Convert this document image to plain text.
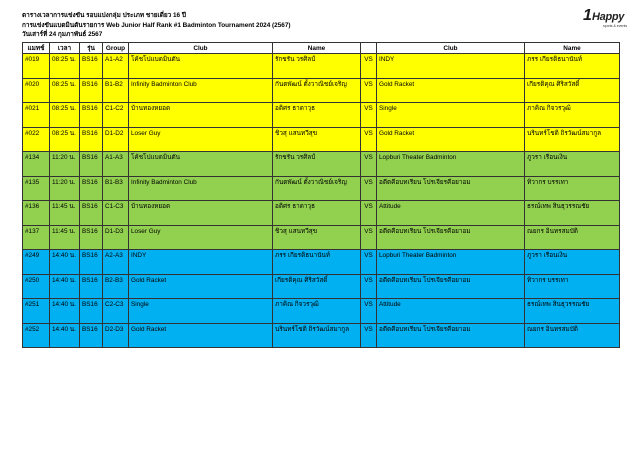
ตารางเวลาการแข่งขัน รอบแบ่งกลุ่ม ประเภท ชายเดี่ยว 16 ปี
การแข่งขันแบดมินตันรายการ Web Junior Half Rank #1 Badminton Tournament 2024 (2567)
วันเสาร์ที่ 24 กุมภาพันธ์ 2567
1 Happy
sports & events
แมทช์	เวลา	รุ่น	Group	Club	Name		Club	Name
#019	08:25 น.	BS16	A1-A2	โค้ชโปแบดมินตัน	รักชรัน วรศิลป์	VS	INDY	ภรร เกียรติธนานันท์
#020	08:25 น.	BS16	B1-B2	Infinity Badminton Club	กันตพัฒน์ ตั้งวาณิชย์เจริญ	VS	Gold Racket	เกียรติคุณ ศิริสวัสดิ์
#021	08:25 น.	BS16	C1-C2	บ้านทองหยอด	อติศร ธาดาวุธ	VS	Single	ภาคิณ กิจวรวุฒิ
#022	08:25 น.	BS16	D1-D2	Loser Guy	ชิวสุ แสนทวีสุข	VS	Gold Racket	นรินทร์โชติ ถิรวัฒน์สมากูล
#134	11:20 น.	BS16	A1-A3	โค้ชโปแบดมินตัน	รักชรัน วรศิลป์	VS	Lopburi Theater Badminton	ภูวรา เรือนเงิน
#135	11:20 น.	BS16	B1-B3	Infinity Badminton Club	กันตพัฒน์ ตั้งวาณิชย์เจริญ	VS	อตีตคือบทเรียน โปรเจียรคือยาอม	ทิวากร บรรเทา
#136	11:45 น.	BS16	C1-C3	บ้านทองหยอด	อติศร ธาดาวุธ	VS	Attitude	ธรณ์เทพ สินธุวรรณชัย
#137	11:45 น.	BS16	D1-D3	Loser Guy	ชิวสุ แสนทวีสุข	VS	อตีตคือบทเรียน โปรเจียรคือยาอม	ณยกร อินทรสมบัติ
#249	14:40 น.	BS16	A2-A3	INDY	ภรร เกียรติธนานันท์	VS	Lopburi Theater Badminton	ภูวรา เรือนเงิน
#250	14:40 น.	BS16	B2-B3	Gold Racket	เกียรติคุณ ศิริสวัสดิ์	VS	อตีตคือบทเรียน โปรเจียรคือยาอม	ทิวากร บรรเทา
#251	14:40 น.	BS16	C2-C3	Single	ภาคิณ กิจวรวุฒิ	VS	Attitude	ธรณ์เทพ สินธุวรรณชัย
#252	14:40 น.	BS16	D2-D3	Gold Racket	นรินทร์โชติ ถิรวัฒน์สมากูล	VS	อตีตคือบทเรียน โปรเจียรคือยาอม	ณยกร อินทรสมบัติ
